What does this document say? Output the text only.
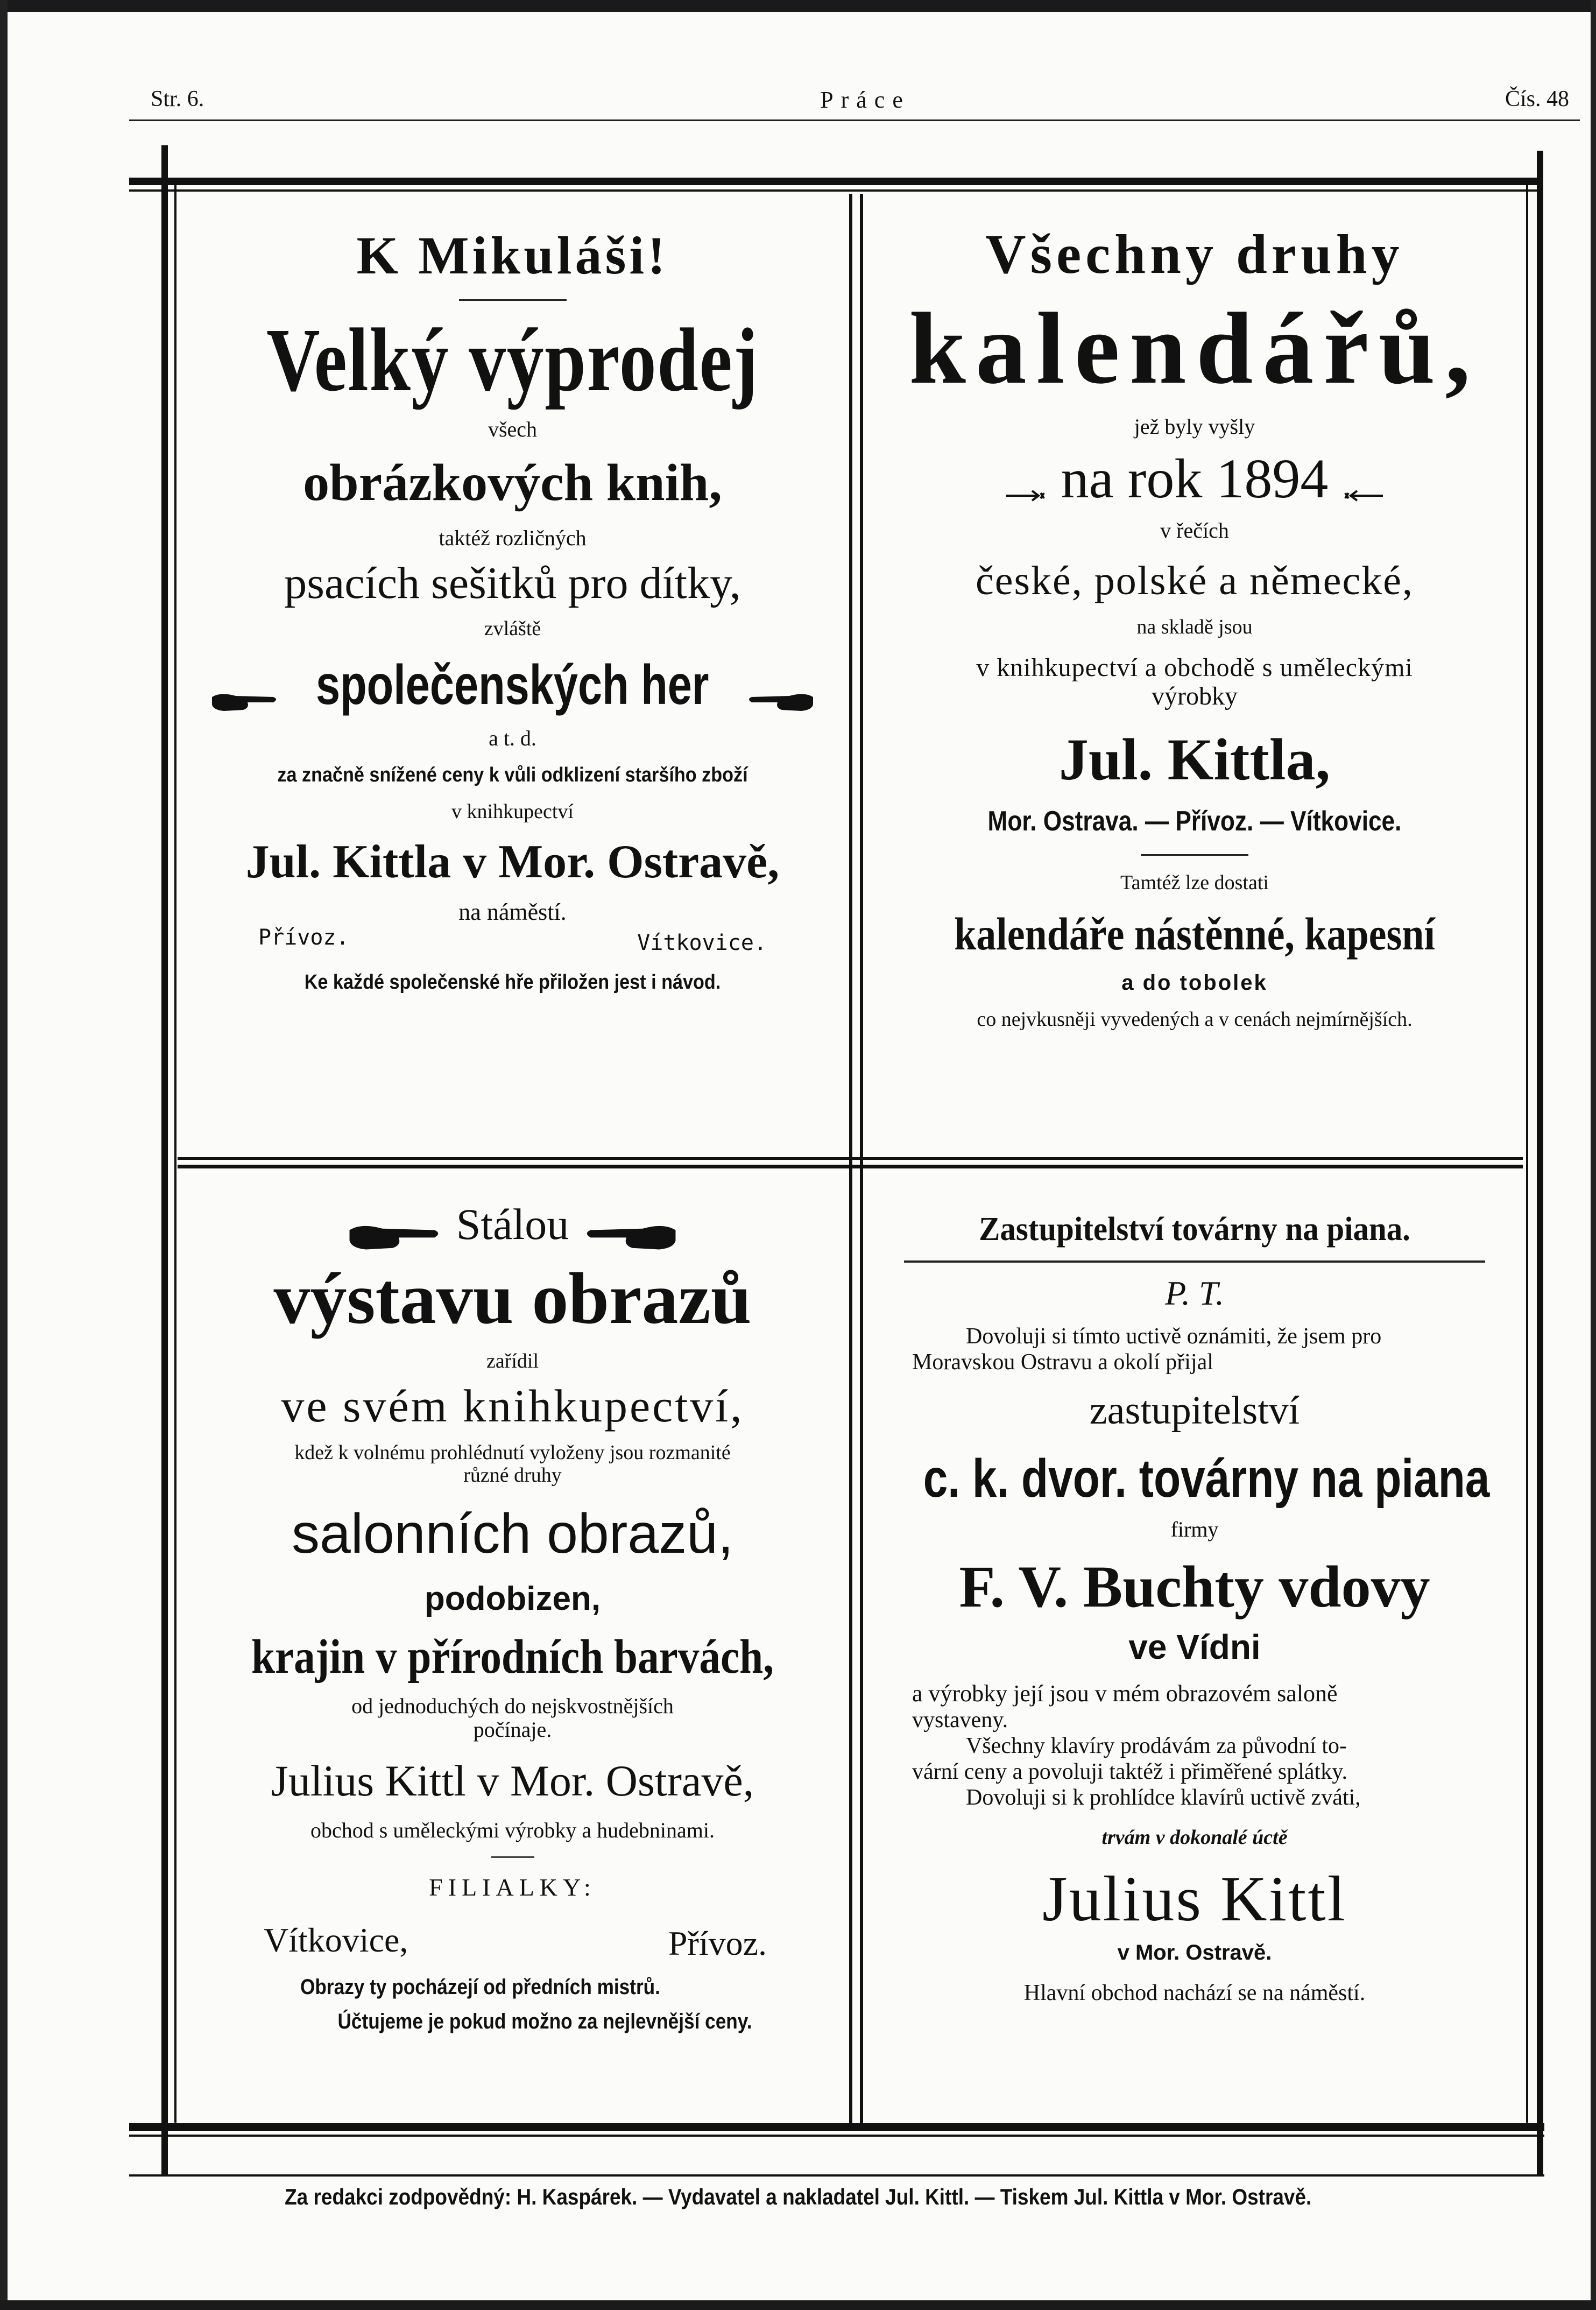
Str. 6.	Práce	Čís. 48
K Mikuláši!
Velký výprodej
všech
obrázkových knih,
taktéž rozličných
psacích sešitků pro dítky,
zvláště
společenských her
a t. d.
za značně snížené ceny k vůli odklizení staršího zboží
v knihkupectví
Jul. Kittla v Mor. Ostravě,
na náměstí.
Přívoz.	Vítkovice.
Ke každé společenské hře přiložen jest i návod.
Všechny druhy
kalendářů,
jež byly vyšly
na rok 1894
v řečích
české, polské a německé,
na skladě jsou
v knihkupectví a obchodě s uměleckými
výrobky
Jul. Kittla,
Mor. Ostrava. — Přívoz. — Vítkovice.
Tamtéž lze dostati
kalendáře nástěnné, kapesní
a do tobolek
co nejvkusněji vyvedených a v cenách nejmírnějších.
Stálou
výstavu obrazů
zařídil
ve svém knihkupectví,
kdež k volnému prohlédnutí vyloženy jsou rozmanité
různé druhy
salonních obrazů,
podobizen,
krajin v přírodních barvách,
od jednoduchých do nejskvostnějších
počínaje.
Julius Kittl v Mor. Ostravě,
obchod s uměleckými výrobky a hudebninami.
FILIALKY:
Vítkovice,	Přívoz.
Obrazy ty pocházejí od předních mistrů.
Účtujeme je pokud možno za nejlevnější ceny.
Zastupitelství továrny na piana.
P. T.
Dovoluji si tímto uctivě oznámiti, že jsem pro
Moravskou Ostravu a okolí přijal
zastupitelství
c. k. dvor. továrny na piana
firmy
F. V. Buchty vdovy
ve Vídni
a výrobky její jsou v mém obrazovém saloně
vystaveny.
Všechny klavíry prodávám za původní to-
vární ceny a povoluji taktéž i přiměřené splátky.
Dovoluji si k prohlídce klavírů uctivě zváti,
trvám v dokonalé úctě
Julius Kittl
v Mor. Ostravě.
Hlavní obchod nachází se na náměstí.
Za redakci zodpovědný: H. Kaspárek. — Vydavatel a nakladatel Jul. Kittl. — Tiskem Jul. Kittla v Mor. Ostravě.
